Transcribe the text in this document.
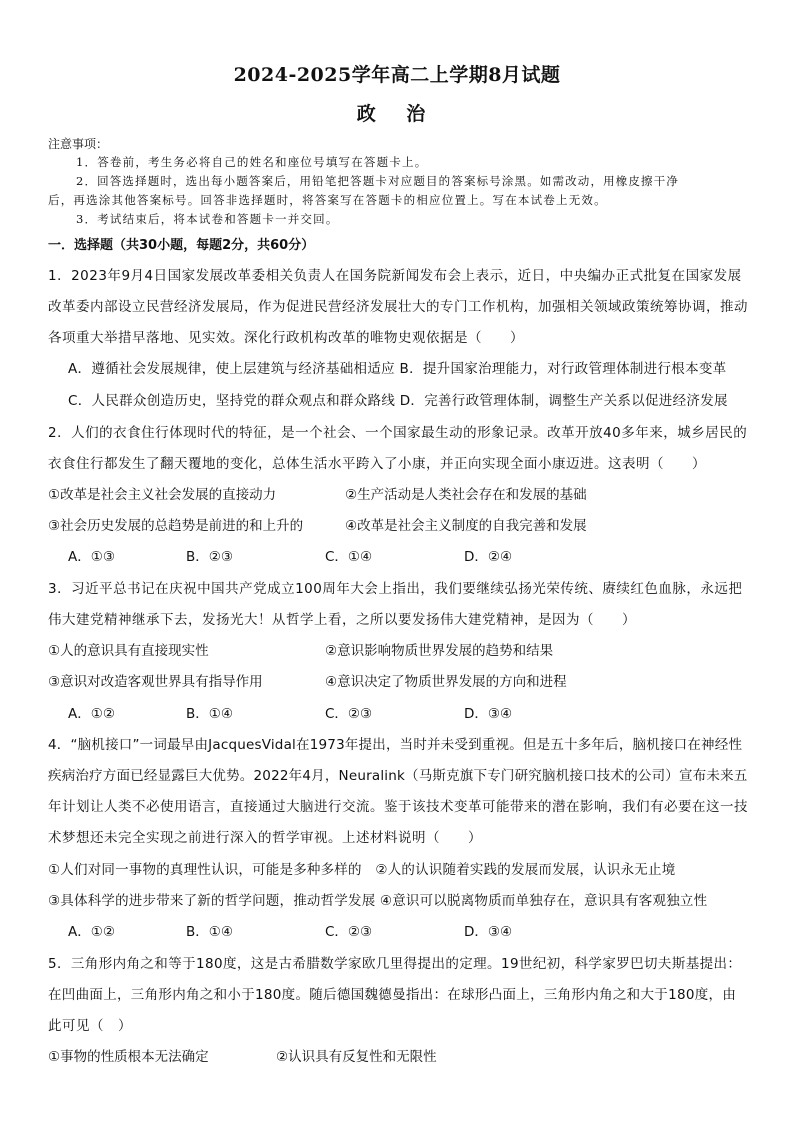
2024-2025学年高二上学期8月试题
政 治
注意事项：
1．答卷前，考生务必将自己的姓名和座位号填写在答题卡上。
2．回答选择题时，选出每小题答案后，用铅笔把答题卡对应题目的答案标号涂黑。如需改动，用橡皮擦干净
后，再选涂其他答案标号。回答非选择题时，将答案写在答题卡的相应位置上。写在本试卷上无效。
3．考试结束后，将本试卷和答题卡一并交回。
一．选择题（共30小题，每题2分，共60分）
1．2023年9月4日国家发展改革委相关负责人在国务院新闻发布会上表示，近日，中央编办正式批复在国家发展
改革委内部设立民营经济发展局，作为促进民营经济发展壮大的专门工作机构，加强相关领域政策统筹协调，推动
各项重大举措早落地、见实效。深化行政机构改革的唯物史观依据是（　　）
A．遵循社会发展规律，使上层建筑与经济基础相适应 B．提升国家治理能力，对行政管理体制进行根本变革
C．人民群众创造历史，坚持党的群众观点和群众路线 D．完善行政管理体制，调整生产关系以促进经济发展
2．人们的衣食住行体现时代的特征，是一个社会、一个国家最生动的形象记录。改革开放40多年来，城乡居民的
衣食住行都发生了翻天覆地的变化，总体生活水平跨入了小康，并正向实现全面小康迈进。这表明（　　）
①改革是社会主义社会发展的直接动力	②生产活动是人类社会存在和发展的基础
③社会历史发展的总趋势是前进的和上升的	④改革是社会主义制度的自我完善和发展
A．①③	B．②③	C．①④	D．②④
3．习近平总书记在庆祝中国共产党成立100周年大会上指出，我们要继续弘扬光荣传统、赓续红色血脉，永远把
伟大建党精神继承下去，发扬光大！从哲学上看，之所以要发扬伟大建党精神，是因为（　　）
①人的意识具有直接现实性	②意识影响物质世界发展的趋势和结果
③意识对改造客观世界具有指导作用	④意识决定了物质世界发展的方向和进程
A．①②	B．①④	C．②③	D．③④
4．“脑机接口”一词最早由JacquesVidal在1973年提出，当时并未受到重视。但是五十多年后，脑机接口在神经性
疾病治疗方面已经显露巨大优势。2022年4月，Neuralink（马斯克旗下专门研究脑机接口技术的公司）宣布未来五
年计划让人类不必使用语言，直接通过大脑进行交流。鉴于该技术变革可能带来的潜在影响，我们有必要在这一技
术梦想还未完全实现之前进行深入的哲学审视。上述材料说明（　　）
①人们对同一事物的真理性认识，可能是多种多样的　②人的认识随着实践的发展而发展，认识永无止境
③具体科学的进步带来了新的哲学问题，推动哲学发展 ④意识可以脱离物质而单独存在，意识具有客观独立性
A．①②	B．①④	C．②③	D．③④
5．三角形内角之和等于180度，这是古希腊数学家欧几里得提出的定理。19世纪初，科学家罗巴切夫斯基提出：
在凹曲面上，三角形内角之和小于180度。随后德国魏德曼指出：在球形凸面上，三角形内角之和大于180度，由
此可见（　）
①事物的性质根本无法确定	②认识具有反复性和无限性
